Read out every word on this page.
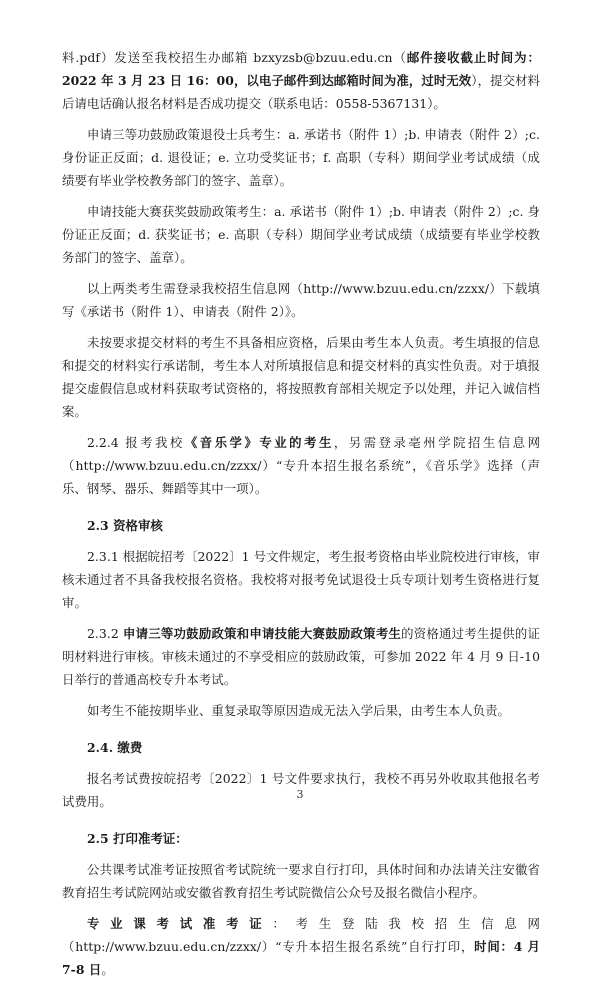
料.pdf）发送至我校招生办邮箱 bzxyzsb@bzuu.edu.cn（邮件接收截止时间为：2022 年 3 月 23 日 16：00，以电子邮件到达邮箱时间为准，过时无效），提交材料后请电话确认报名材料是否成功提交（联系电话：0558-5367131）。

申请三等功鼓励政策退役士兵考生：a. 承诺书（附件 1）;b. 申请表（附件 2）;c. 身份证正反面；d. 退役证；e. 立功受奖证书；f. 高职（专科）期间学业考试成绩（成绩要有毕业学校教务部门的签字、盖章）。

申请技能大赛获奖鼓励政策考生：a. 承诺书（附件 1）;b. 申请表（附件 2）;c. 身份证正反面；d. 获奖证书；e. 高职（专科）期间学业考试成绩（成绩要有毕业学校教务部门的签字、盖章）。

以上两类考生需登录我校招生信息网（http://www.bzuu.edu.cn/zzxx/）下载填写《承诺书（附件 1）、申请表（附件 2）》。

未按要求提交材料的考生不具备相应资格，后果由考生本人负责。考生填报的信息和提交的材料实行承诺制，考生本人对所填报信息和提交材料的真实性负责。对于填报提交虚假信息或材料获取考试资格的，将按照教育部相关规定予以处理，并记入诚信档案。

2.2.4 报考我校《音乐学》专业的考生，另需登录亳州学院招生信息网（http://www.bzuu.edu.cn/zzxx/）“专升本招生报名系统”，《音乐学》选择（声乐、钢琴、器乐、舞蹈等其中一项）。

2.3 资格审核

2.3.1 根据皖招考〔2022〕1 号文件规定，考生报考资格由毕业院校进行审核，审核未通过者不具备我校报名资格。我校将对报考免试退役士兵专项计划考生资格进行复审。

2.3.2 申请三等功鼓励政策和申请技能大赛鼓励政策考生的资格通过考生提供的证明材料进行审核。审核未通过的不享受相应的鼓励政策，可参加 2022 年 4 月 9 日-10 日举行的普通高校专升本考试。

如考生不能按期毕业、重复录取等原因造成无法入学后果，由考生本人负责。

2.4. 缴费

报名考试费按皖招考〔2022〕1 号文件要求执行，我校不再另外收取其他报名考试费用。

2.5 打印准考证：

公共课考试准考证按照省考试院统一要求自行打印，具体时间和办法请关注安徽省教育招生考试院网站或安徽省教育招生考试院微信公众号及报名微信小程序。

专业课考试准考证：考生登陆我校招生信息网（http://www.bzuu.edu.cn/zzxx/）“专升本招生报名系统”自行打印，时间：4 月 7-8 日。

3
